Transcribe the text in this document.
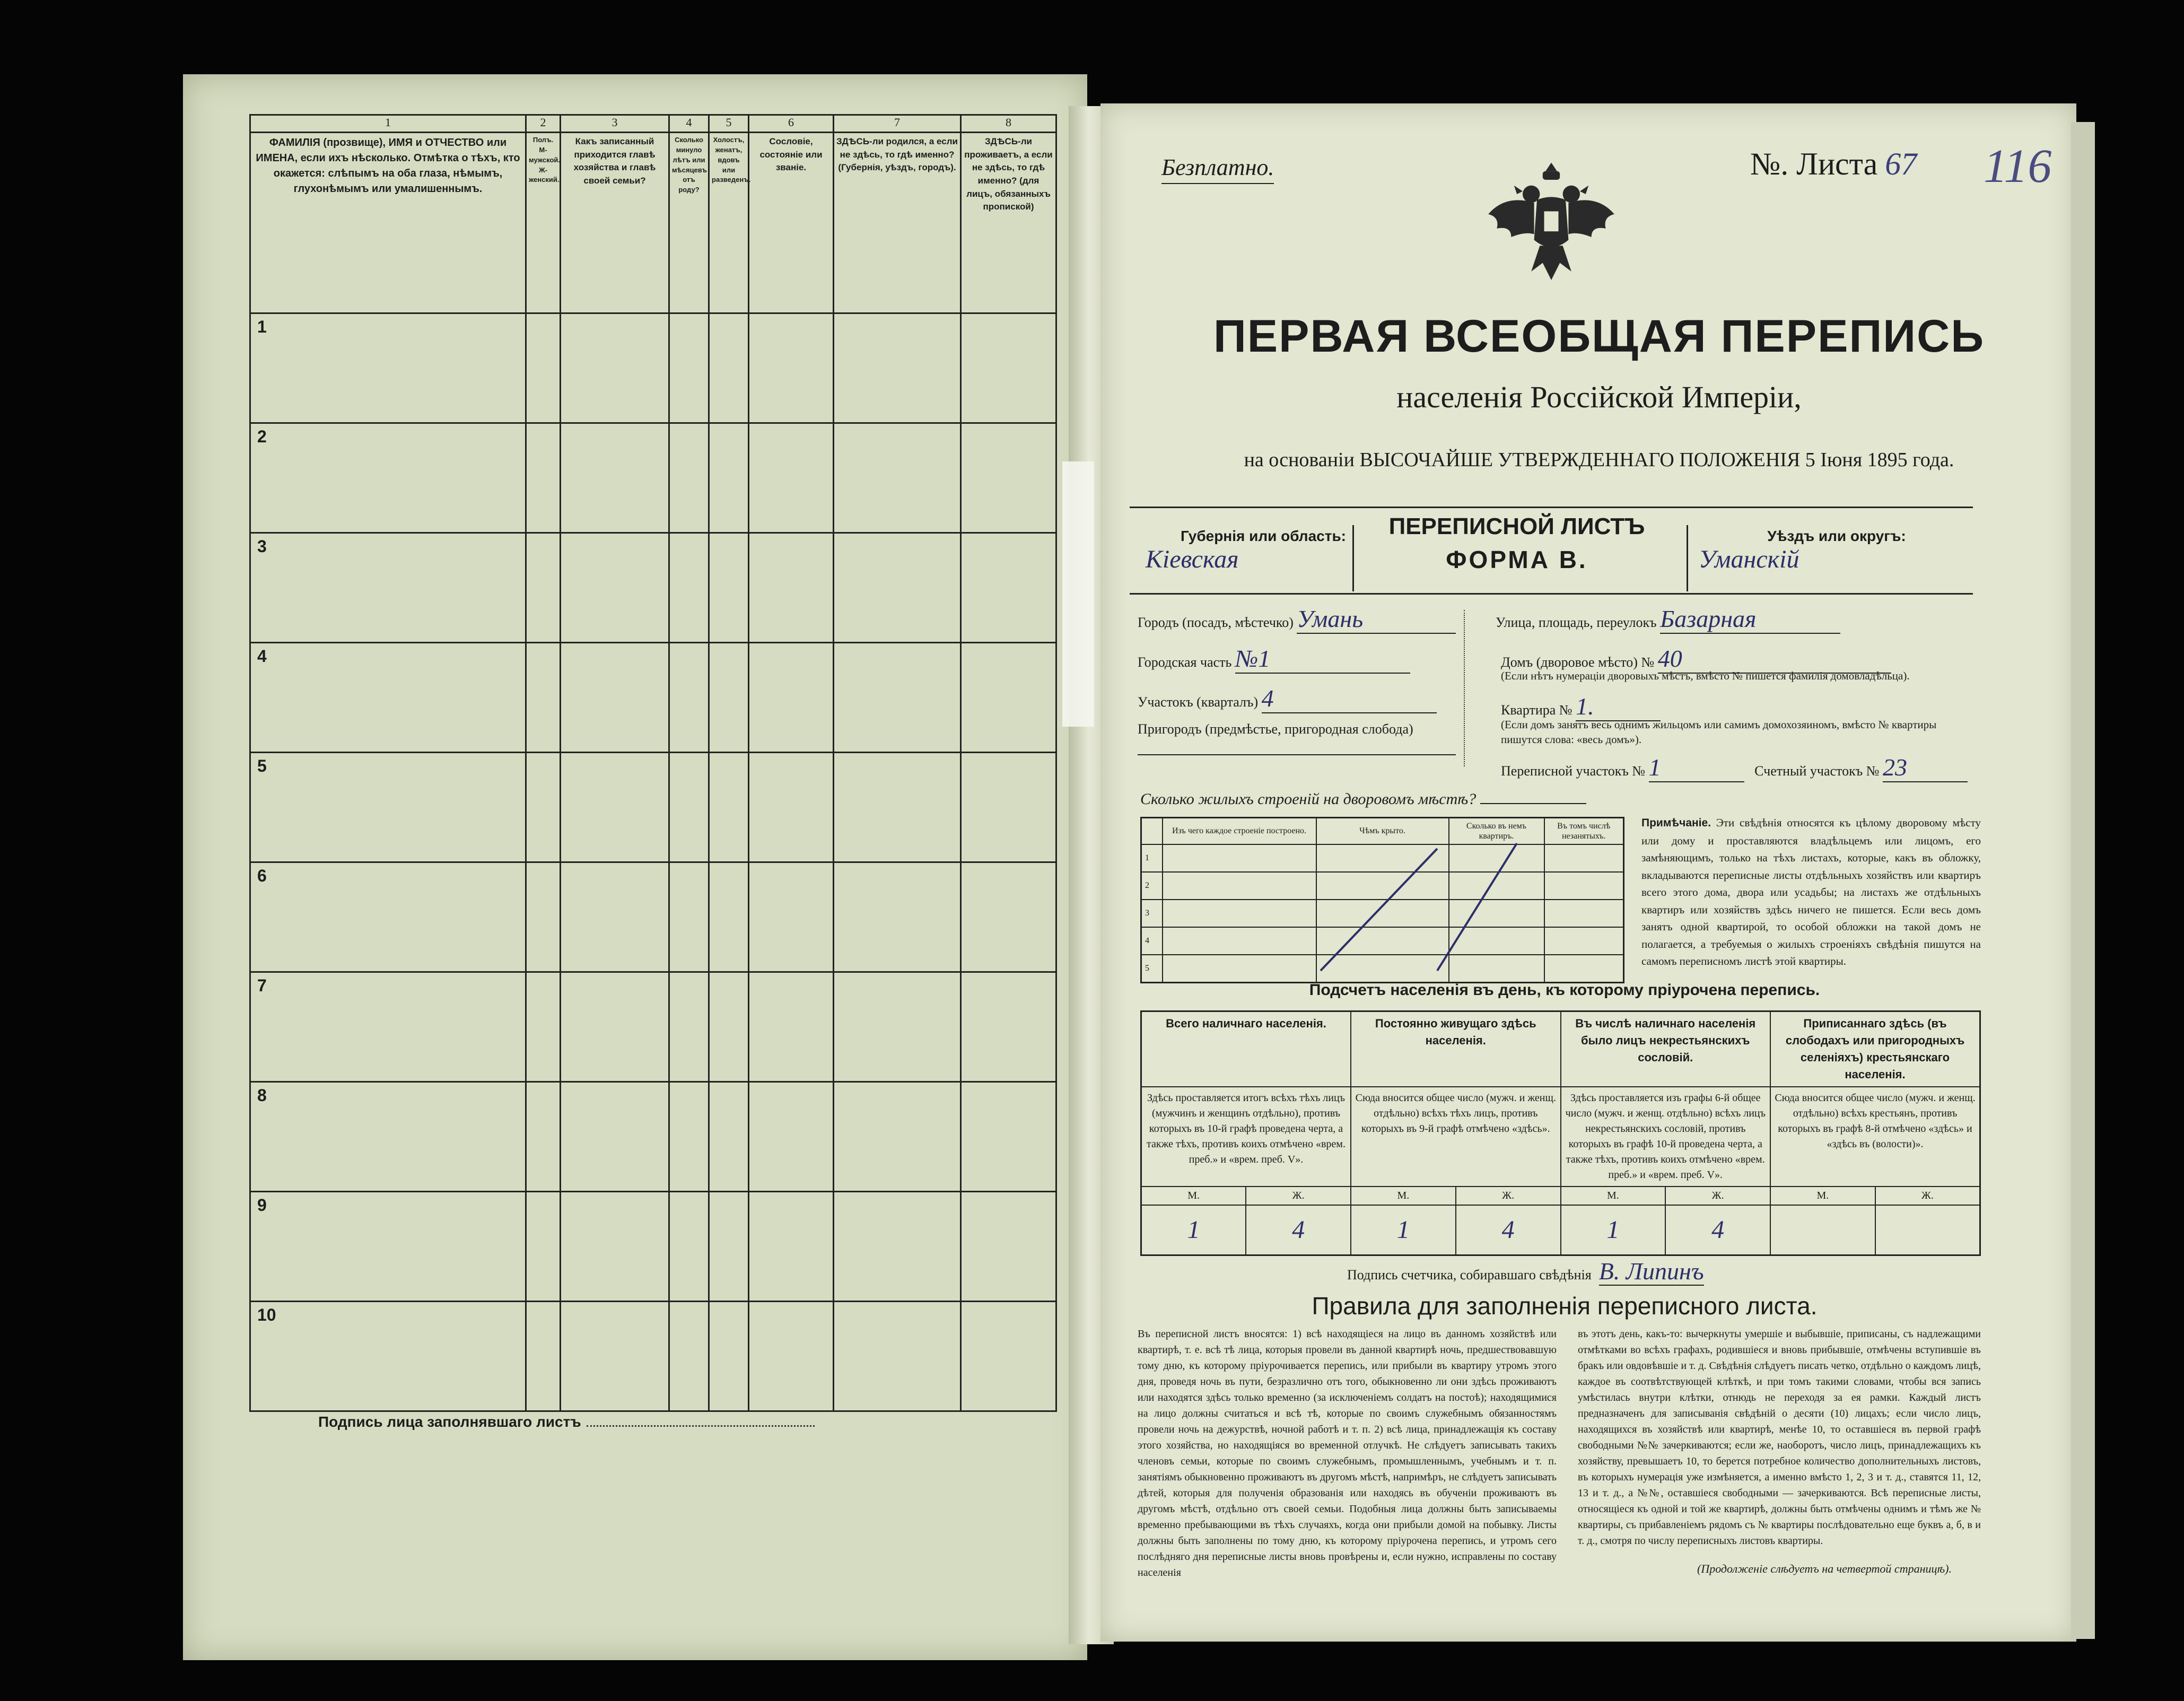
1	2	3	4	5	6	7	8
ФАМИЛІЯ (прозвище), ИМЯ и ОТЧЕСТВО или ИМЕНА, если ихъ нѣсколько. Отмѣтка о тѣхъ, кто окажется: слѣпымъ на оба глаза, нѣмымъ, глухонѣмымъ или умалишеннымъ.	Полъ. М-мужской. Ж-женский.	Какъ записанный приходится главѣ хозяйства и главѣ своей семьи?	Сколько минуло лѣтъ или мѣсяцевъ отъ роду?	Холостъ, женатъ, вдовъ или разведенъ.	Сословіе, состояніе или званіе.	ЗДѢСЬ-ли родился, а если не здѣсь, то гдѣ именно? (Губернія, уѣздъ, городъ).	ЗДѢСЬ-ли проживаетъ, а если не здѣсь, то гдѣ именно? (для лицъ, обязанныхъ пропиской)
1							
2							
3							
4							
5							
6							
7							
8							
9							
10							
Подпись лица заполнявшаго листъ
Безплатно.	№. Листа 67 116
ПЕРВАЯ ВСЕОБЩАЯ ПЕРЕПИСЬ
населенія Россійской Имперіи,
на основаніи ВЫСОЧАЙШЕ УТВЕРЖДЕННАГО ПОЛОЖЕНІЯ 5 Іюня 1895 года.
Губернія или область:
Кіевская
ПЕРЕПИСНОЙ ЛИСТЪ
ФОРМА В.
Уѣздъ или округъ:
Уманскій
Городъ (посадъ, мѣстечко) Умань
Городская часть №1
Участокъ (кварталъ) 4
Пригородъ (предмѣстье, пригородная слобода)
Улица, площадь, переулокъ Базарная
Домъ (дворовое мѣсто) № 40
(Если нѣтъ нумерацiи дворовыхъ мѣстъ, вмѣсто № пишется фамилія домовладѣльца).
Квартира № 1.
(Если домъ занятъ весь однимъ жильцомъ или самимъ домохозяиномъ, вмѣсто № квартиры пишутся слова: «весь домъ»).
Переписной участокъ № 1	Счетный участокъ № 23
Сколько жилыхъ строеній на дворовомъ мѣстѣ?
	Изъ чего каждое строеніе построено.	Чѣмъ крыто.	Сколько въ немъ квартиръ.	Въ томъ числѣ незанятыхъ.
1				
2				
3				
4				
5				
Примѣчаніе. Эти свѣдѣнія относятся къ цѣлому дворовому мѣсту или дому и проставляются владѣльцемъ или лицомъ, его замѣняющимъ, только на тѣхъ листахъ, которые, какъ въ обложку, вкладываются переписные листы отдѣльныхъ хозяйствъ или квартиръ всего этого дома, двора или усадьбы; на листахъ же отдѣльныхъ квартиръ или хозяйствъ здѣсь ничего не пишется. Если весь домъ занятъ одной квартирой, то особой обложки на такой домъ не полагается, а требуемыя о жилыхъ строеніяхъ свѣдѣнія пишутся на самомъ переписномъ листѣ этой квартиры.
Подсчетъ населенія въ день, къ которому пріурочена перепись.
Всего наличнаго населенія.		Постоянно живущаго здѣсь населенія.		Въ числѣ наличнаго населенія было лицъ некрестьянскихъ сословій.		Приписаннаго здѣсь (въ слободахъ или пригородныхъ селеніяхъ) крестьянскаго населенія.	
Здѣсь проставляется итогъ всѣхъ тѣхъ лицъ (мужчинъ и женщинъ отдѣльно), противъ которыхъ въ 10-й графѣ проведена черта, а также тѣхъ, противъ коихъ отмѣчено «врем. преб.» и «врем. преб. V».		Сюда вносится общее число (мужч. и женщ. отдѣльно) всѣхъ тѣхъ лицъ, противъ которыхъ въ 9-й графѣ отмѣчено «здѣсь».		Здѣсь проставляется изъ графы 6-й общее число (мужч. и женщ. отдѣльно) всѣхъ лицъ некрестьянскихъ сословій, противъ которыхъ въ графѣ 10-й проведена черта, а также тѣхъ, противъ коихъ отмѣчено «врем. преб.» и «врем. преб. V».		Сюда вносится общее число (мужч. и женщ. отдѣльно) всѣхъ крестьянъ, противъ которыхъ въ графѣ 8-й отмѣчено «здѣсь» и «здѣсь въ (волости)».	
М.	Ж.	М.	Ж.	М.	Ж.	М.	Ж.
1	4	1	4	1	4		
Подпись счетчика, собиравшаго свѣдѣнія В. Липинъ
Правила для заполненія переписного листа.
Въ переписной листъ вносятся: 1) всѣ находящіеся на лицо въ данномъ хозяйствѣ или квартирѣ, т. е. всѣ тѣ лица, которыя провели въ данной квартирѣ ночь, предшествовавшую тому дню, къ которому пріурочивается перепись, или прибыли въ квартиру утромъ этого дня, проведя ночь въ пути, безразлично отъ того, обыкновенно ли они здѣсь проживаютъ или находятся здѣсь только временно (за исключеніемъ солдатъ на постоѣ); находящимися на лицо должны считаться и всѣ тѣ, которые по своимъ служебнымъ обязанностямъ провели ночь на дежурствѣ, ночной работѣ и т. п. 2) всѣ лица, принадлежащія къ составу этого хозяйства, но находящіяся во временной отлучкѣ. Не слѣдуетъ записывать такихъ членовъ семьи, которые по своимъ служебнымъ, промышленнымъ, учебнымъ и т. п. занятіямъ обыкновенно проживаютъ въ другомъ мѣстѣ, напримѣръ, не слѣдуетъ записывать дѣтей, которыя для полученія образованія или находясь въ обученіи проживаютъ въ другомъ мѣстѣ, отдѣльно отъ своей семьи. Подобныя лица должны быть записываемы временно пребывающими въ тѣхъ случаяхъ, когда они прибыли домой на побывку. Листы должны быть заполнены по тому дню, къ которому пріурочена перепись, и утромъ сего послѣдняго дня переписные листы вновь провѣрены и, если нужно, исправлены по составу населенія
въ этотъ день, какъ-то: вычеркнуты умершіе и выбывшіе, приписаны, съ надлежащими отмѣтками во всѣхъ графахъ, родившіеся и вновь прибывшіе, отмѣчены вступившіе въ бракъ или овдовѣвшіе и т. д. Свѣдѣнія слѣдуетъ писать четко, отдѣльно о каждомъ лицѣ, каждое въ соотвѣтствующей клѣткѣ, и при томъ такими словами, чтобы вся запись умѣстилась внутри клѣтки, отнюдь не переходя за ея рамки. Каждый листъ предназначенъ для записыванія свѣдѣній о десяти (10) лицахъ; если число лицъ, находящихся въ хозяйствѣ или квартирѣ, менѣе 10, то оставшіеся въ первой графѣ свободными №№ зачеркиваются; если же, наоборотъ, число лицъ, принадлежащихъ къ хозяйству, превышаетъ 10, то берется потребное количество дополнительныхъ листовъ, въ которыхъ нумерація уже измѣняется, а именно вмѣсто 1, 2, 3 и т. д., ставятся 11, 12, 13 и т. д., а №№, оставшіеся свободными — зачеркиваются. Всѣ переписные листы, относящіеся къ одной и той же квартирѣ, должны быть отмѣчены однимъ и тѣмъ же № квартиры, съ прибавленіемъ рядомъ съ № квартиры послѣдовательно еще буквъ а, б, в и т. д., смотря по числу переписныхъ листовъ квартиры.
(Продолженіе слѣдуетъ на четвертой страницѣ).
